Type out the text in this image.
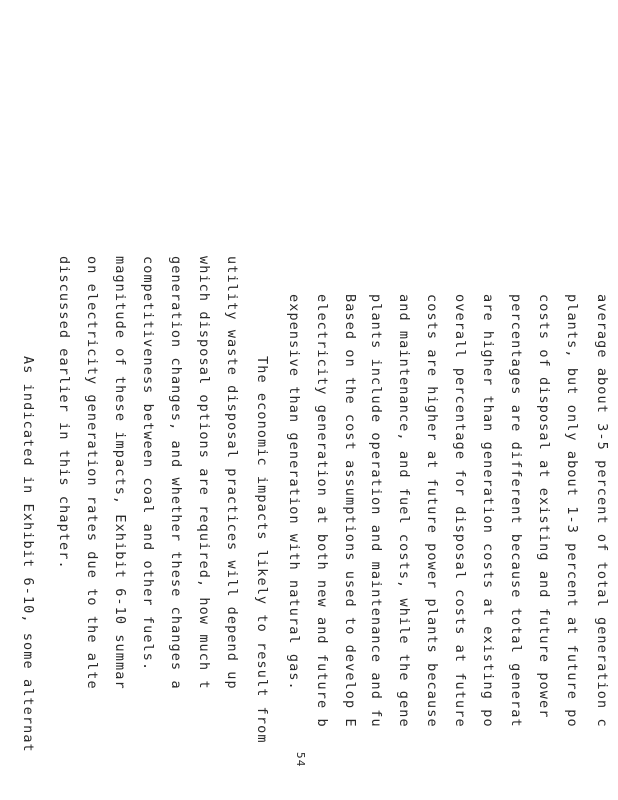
average about 3-5 percent of total generation c
plants, but only about 1-3 percent at future po
costs of disposal at existing and future power
percentages are different because total generat
are higher than generation costs at existing po
overall percentage for disposal costs at future
costs are higher at future power plants because
and maintenance, and fuel costs, while the gene
plants include operation and maintenance and fu
Based on the cost assumptions used to develop E
electricity generation at both new and future b
expensive than generation with natural gas.
54
The economic impacts likely to result from
utility waste disposal practices will depend up
which disposal options are required, how much t
generation changes, and whether these changes a
competitiveness between coal and other fuels.
magnitude of these impacts, Exhibit 6-10 summar
on electricity generation rates due to the alte
discussed earlier in this chapter.
As indicated in Exhibit 6-10, some alternat
